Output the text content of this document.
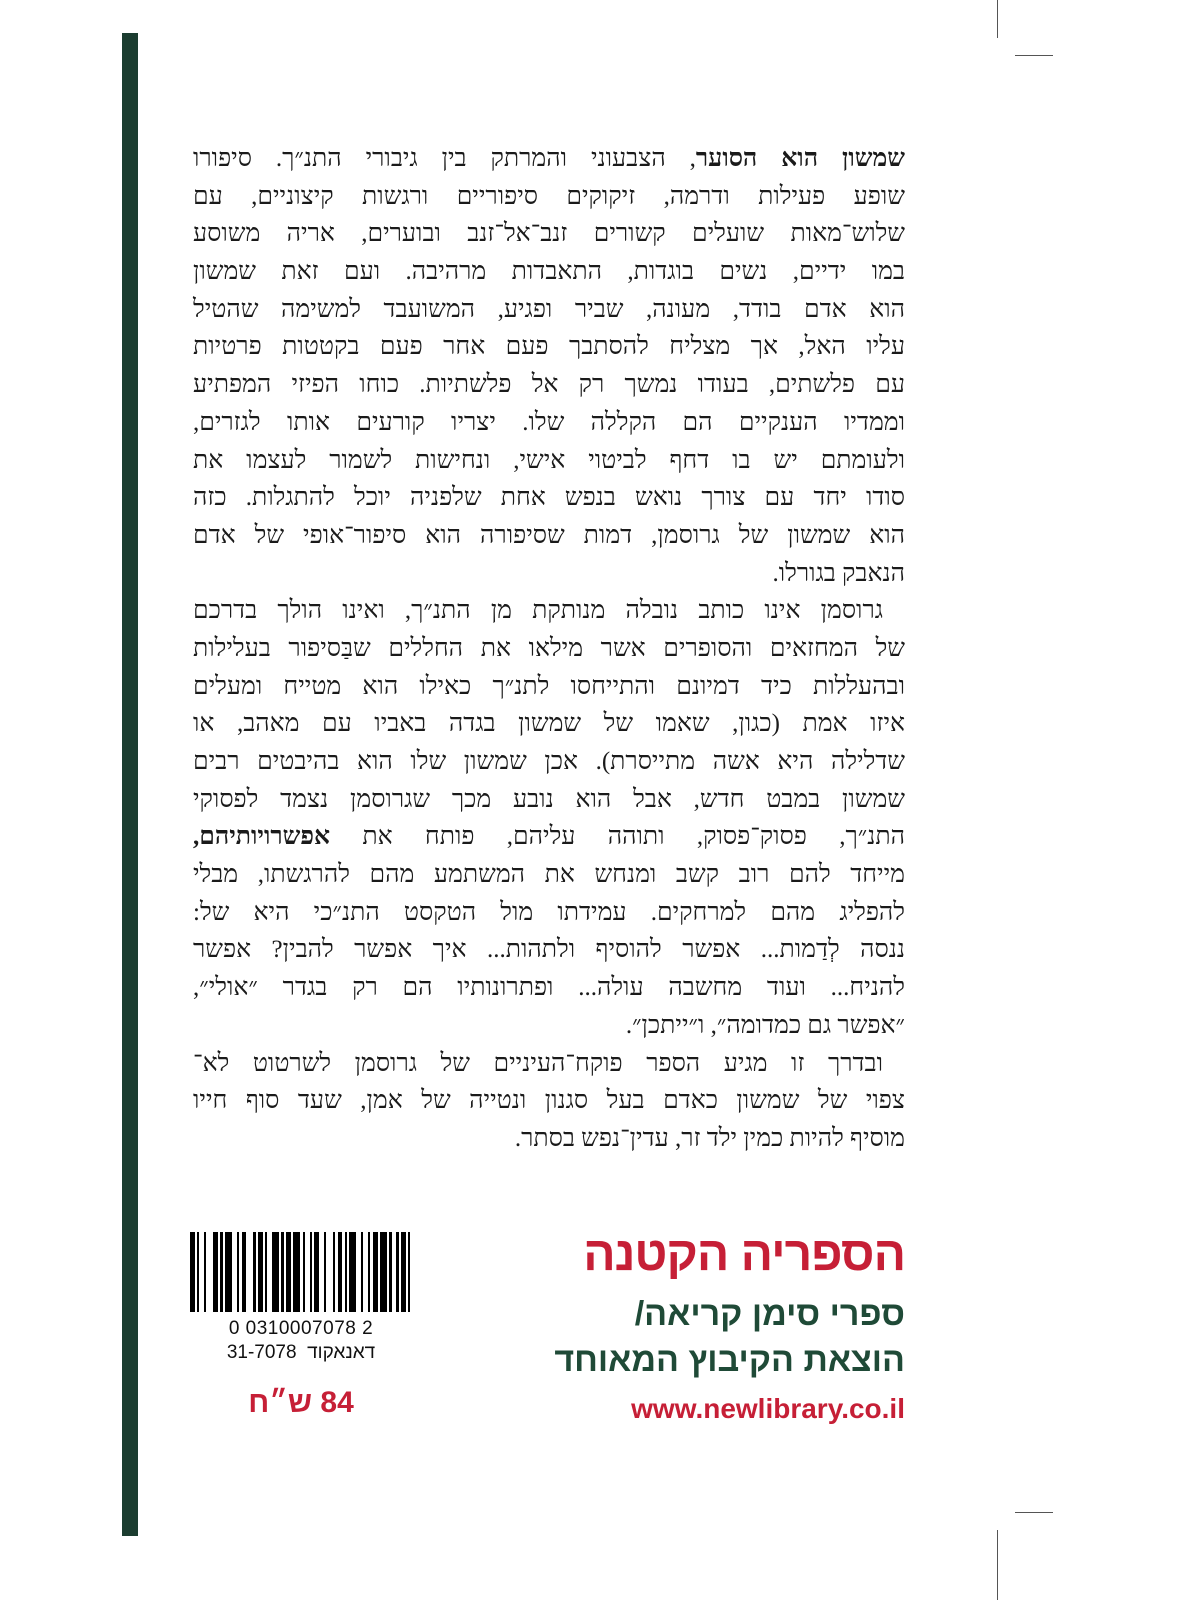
שמשון הוא הסוער, הצבעוני והמרתק בין גיבורי התנ״ך. סיפורו
שופע פעילות ודרמה, זיקוקים סיפוריים ורגשות קיצוניים, עם
שלוש־מאות שועלים קשורים זנב־אל־זנב ובוערים, אריה משוסע
במו ידיים, נשים בוגדות, התאבדות מרהיבה. ועם זאת שמשון
הוא אדם בודד, מעונה, שביר ופגיע, המשועבד למשימה שהטיל
עליו האל, אך מצליח להסתבך פעם אחר פעם בקטטות פרטיות
עם פלשתים, בעודו נמשך רק אל פלשתיות. כוחו הפיזי המפתיע
וממדיו הענקיים הם הקללה שלו. יצריו קורעים אותו לגזרים,
ולעומתם יש בו דחף לביטוי אישי, ונחישות לשמור לעצמו את
סודו יחד עם צורך נואש בנפש אחת שלפניה יוכל להתגלות. כזה
הוא שמשון של גרוסמן, דמות שסיפורה הוא סיפור־אופי של אדם
הנאבק בגורלו.
גרוסמן אינו כותב נובלה מנותקת מן התנ״ך, ואינו הולך בדרכם
של המחזאים והסופרים אשר מילאו את החללים שבַּסיפור בעלילות
ובהעללות כיד דמיונם והתייחסו לתנ״ך כאילו הוא מטייח ומעלים
איזו אמת (כגון, שאמו של שמשון בגדה באביו עם מאהב, או
שדלילה היא אשה מתייסרת). אכן שמשון שלו הוא בהיבטים רבים
שמשון במבט חדש, אבל הוא נובע מכך שגרוסמן נצמד לפסוקי
התנ״ך, פסוק־פסוק, ותוהה עליהם, פותח את אפשרויותיהם,
מייחד להם רוב קשב ומנחש את המשתמע מהם להרגשתו, מבלי
להפליג מהם למרחקים. עמידתו מול הטקסט התנ״כי היא של:
ננסה לְדַמות... אפשר להוסיף ולתהות... איך אפשר להבין? אפשר
להניח... ועוד מחשבה עולה... ופתרונותיו הם רק בגדר ״אולי״,
״אפשר גם כמדומה״, ו״ייתכן״.
ובדרך זו מגיע הספר פוקח־העיניים של גרוסמן לשרטוט לא־
צפוי של שמשון כאדם בעל סגנון ונטייה של אמן, שעד סוף חייו
מוסיף להיות כמין ילד זר, עדין־נפש בסתר.
הספריה הקטנה
ספרי סימן קריאה/
הוצאת הקיבוץ המאוחד
www.newlibrary.co.il
0 0310007078 2
דאנאקוד  31-7078
84 ש״ח
